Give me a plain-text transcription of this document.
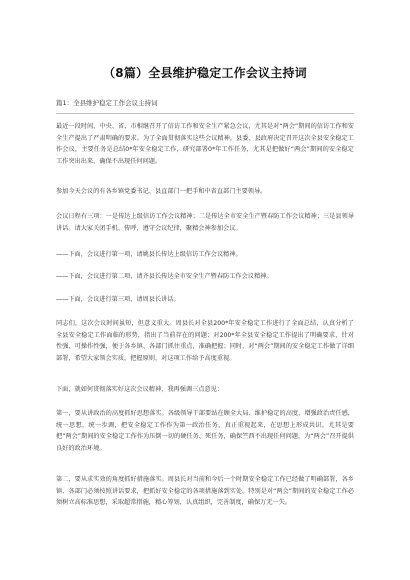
（8篇）全县维护稳定工作会议主持词
篇1：全县维护稳定工作会议主持词
最近一段时间，中央、省、市相继召开了信访工作和安全生产紧急会议，尤其是对“两会”期间的信访工作和安全生产提出了严肃明确的要求。为了全面贯彻落实这些会议精神，县委、县政府决定召开这次全县安全稳定工作会议，主要任务是总结0*年安全稳定工作，研究部署0*年工作任务，尤其是把做好“两会”期间的安全稳定工作突出出来，确保不出现任何问题。
参加今天会议的有各乡镇党委书记、县直部门一把手和中省直部门主要领导。
会议日程有三项：一是传达上级信访工作会议精神；二是传达全市安全生产暨春防工作会议精神；三是县领导讲话。请大家关闭手机、传呼，遵守会议纪律，聚精会神参加会议。
——下面，会议进行第一项，请姚县长传达上级信访工作会议精神。
——下面，会议进行第二项，请齐县长传达全市安全生产暨春防工作会议精神。
——下面，会议进行第三项，请周县长讲话。
同志们，这次会议时间虽短，但意义重大。周县长对全县200*年安全稳定工作进行了全面总结，认真分析了全县安全稳定工作面临的形势，指出了当前存在的问题；对200*年全县安全稳定工作提出了明确要求，针对性强、可操作性强，便于各乡镇、各部门抓住重点，准确把握；同时，对“两会”期间的安全稳定工作做了详细部署，希望大家领会实质，把握原则，对这项工作给予高度重视。
下面，就如何贯彻落实好这次会议精神，我再强调三点意见：
第一，要从讲政治的高度抓好思想落实。各级领导干部要站在顾全大局、维护稳定的高度，增强政治责任感，统一思想，统一步调，把安全稳定工作作为第一政治任务，真正重视起来，在思想上形成共识。尤其是要把“两会”期间的安全稳定工作作为压倒一切的硬任务、死任务，确保竺西不出现任何问题，为“两会”召开提供良好的政治环境。
第二，要从求实效的角度抓好措施落实。周县长对当前和今后一个时期安全稳定工作已经做了明确部署，各乡镇、各部门必须按照讲话要求，把抓好安全稳定的各项措施落到实处。特别是对“两会”期间的安全稳定工作必须树立高标准思想，采取超常措施，精心筹划，认真组织，完善制度，确保万无一失。
